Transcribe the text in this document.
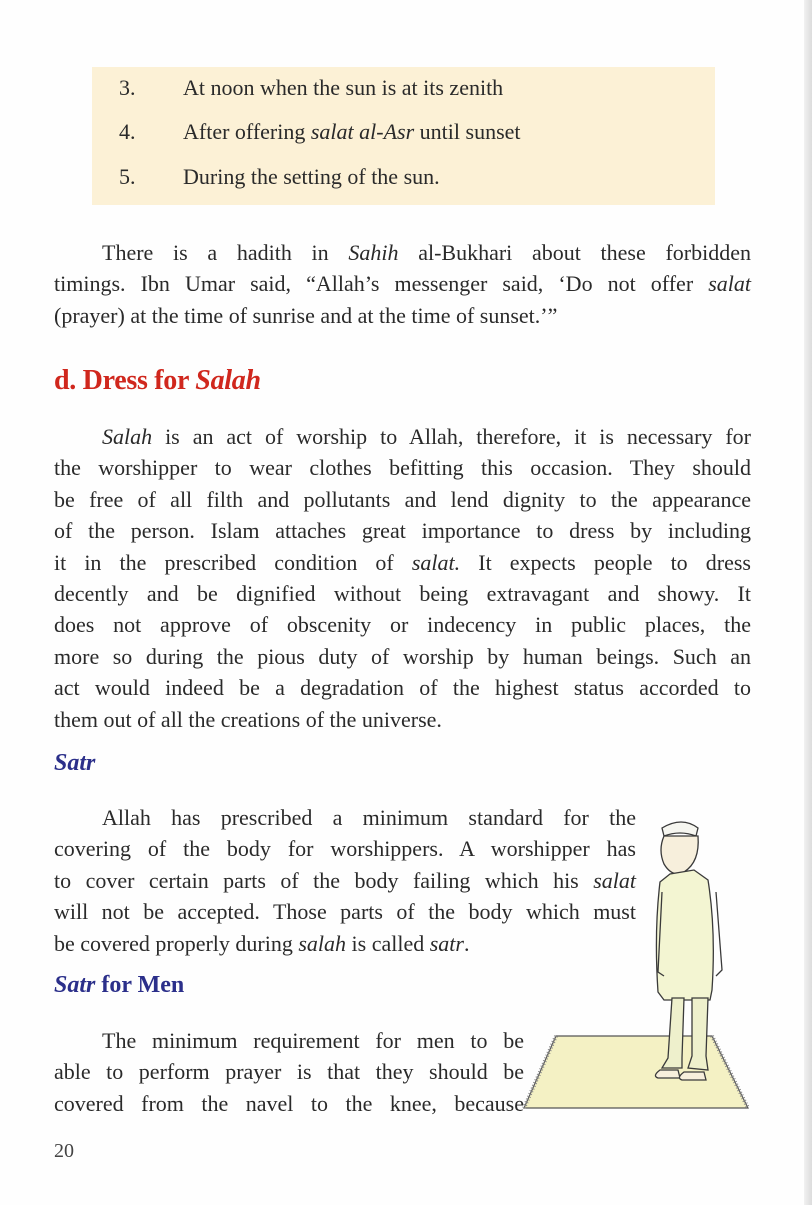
3. At noon when the sun is at its zenith
4. After offering salat al-Asr until sunset
5. During the setting of the sun.
There is a hadith in Sahih al-Bukhari about these forbidden
timings. Ibn Umar said, “Allah’s messenger said, ‘Do not offer salat
(prayer) at the time of sunrise and at the time of sunset.’”
d. Dress for Salah
Salah is an act of worship to Allah, therefore, it is necessary for
the worshipper to wear clothes befitting this occasion. They should
be free of all filth and pollutants and lend dignity to the appearance
of the person. Islam attaches great importance to dress by including
it in the prescribed condition of salat. It expects people to dress
decently and be dignified without being extravagant and showy. It
does not approve of obscenity or indecency in public places, the
more so during the pious duty of worship by human beings. Such an
act would indeed be a degradation of the highest status accorded to
them out of all the creations of the universe.
Satr
Allah has prescribed a minimum standard for the
covering of the body for worshippers. A worshipper has
to cover certain parts of the body failing which his salat
will not be accepted. Those parts of the body which must
be covered properly during salah is called satr.
Satr for Men
The minimum requirement for men to be
able to perform prayer is that they should be
covered from the navel to the knee, because
20
